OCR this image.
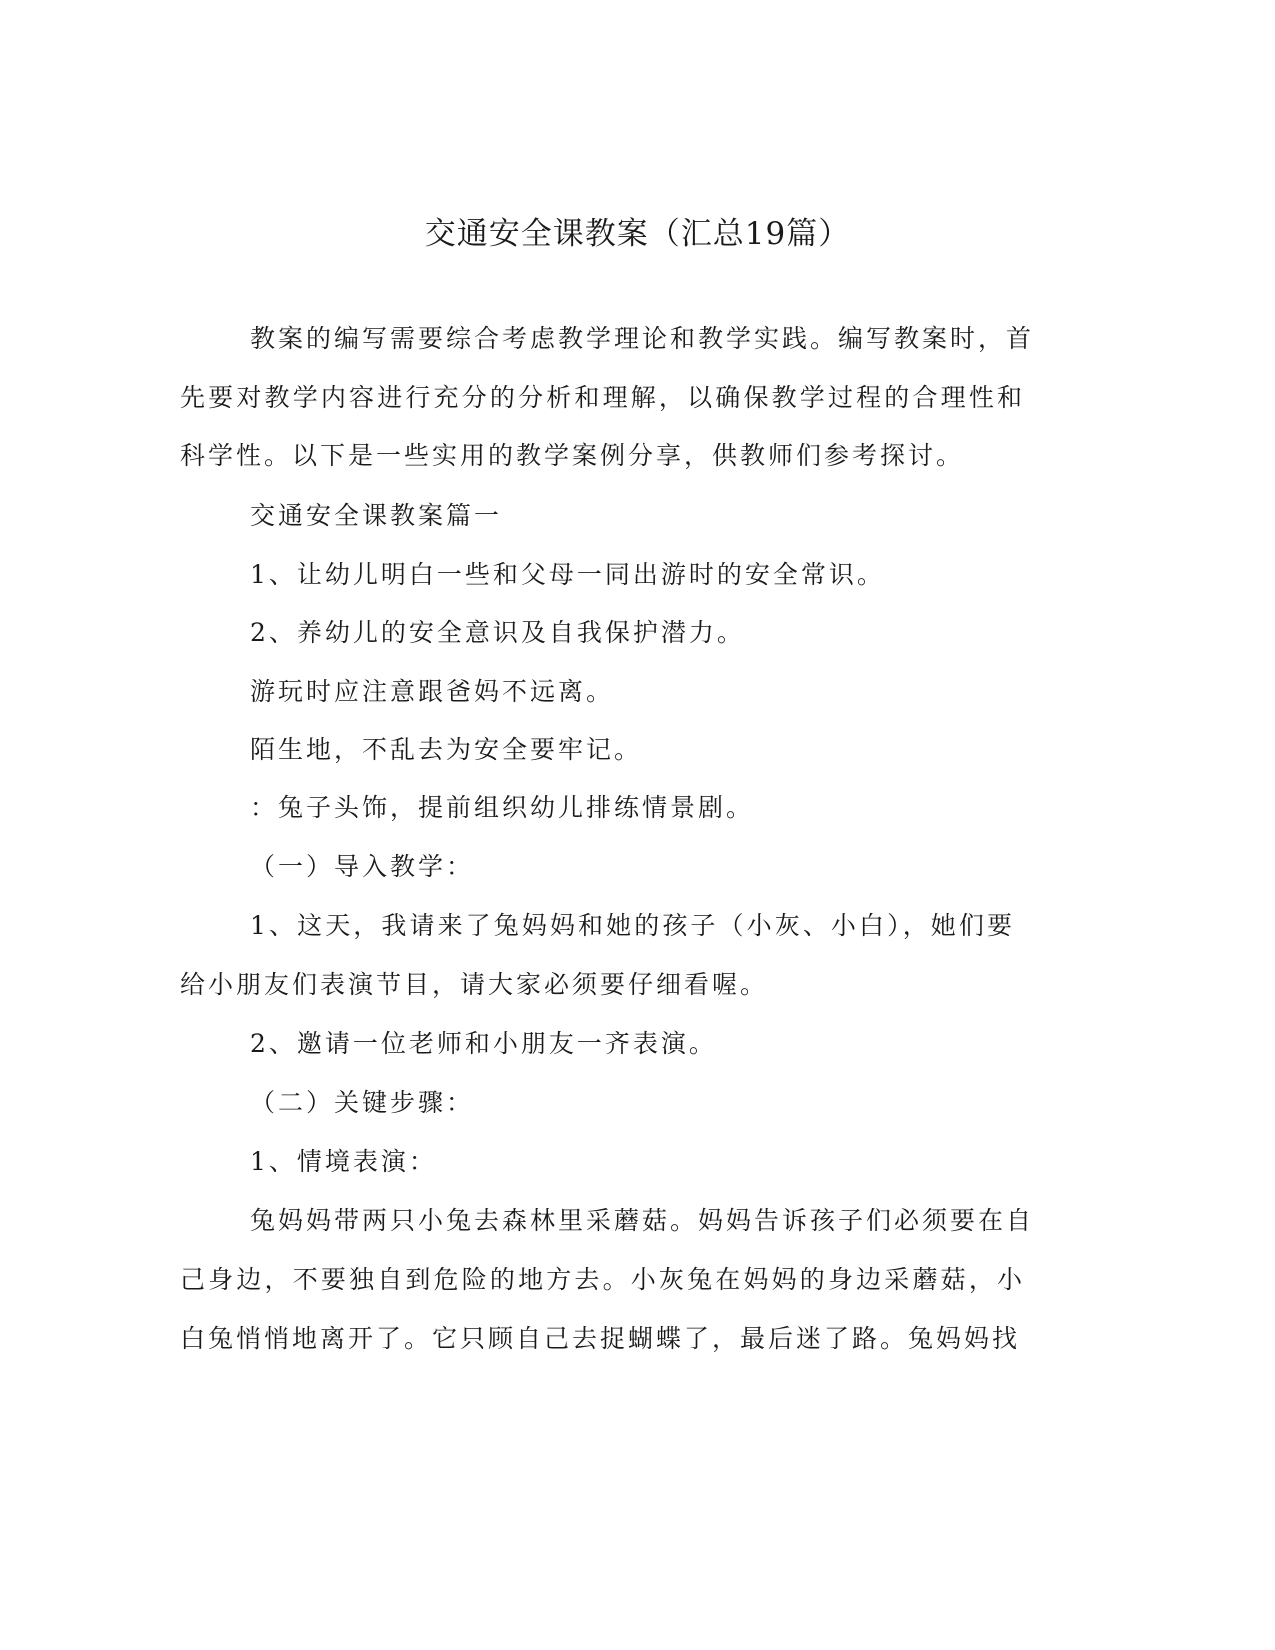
交通安全课教案（汇总19篇）
教案的编写需要综合考虑教学理论和教学实践。编写教案时，首
先要对教学内容进行充分的分析和理解，以确保教学过程的合理性和
科学性。以下是一些实用的教学案例分享，供教师们参考探讨。
交通安全课教案篇一
1、让幼儿明白一些和父母一同出游时的安全常识。
2、养幼儿的安全意识及自我保护潜力。
游玩时应注意跟爸妈不远离。
陌生地，不乱去为安全要牢记。
：兔子头饰，提前组织幼儿排练情景剧。
（一）导入教学：
1、这天，我请来了兔妈妈和她的孩子（小灰、小白），她们要
给小朋友们表演节目，请大家必须要仔细看喔。
2、邀请一位老师和小朋友一齐表演。
（二）关键步骤：
1、情境表演：
兔妈妈带两只小兔去森林里采蘑菇。妈妈告诉孩子们必须要在自
己身边，不要独自到危险的地方去。小灰兔在妈妈的身边采蘑菇，小
白兔悄悄地离开了。它只顾自己去捉蝴蝶了，最后迷了路。兔妈妈找
